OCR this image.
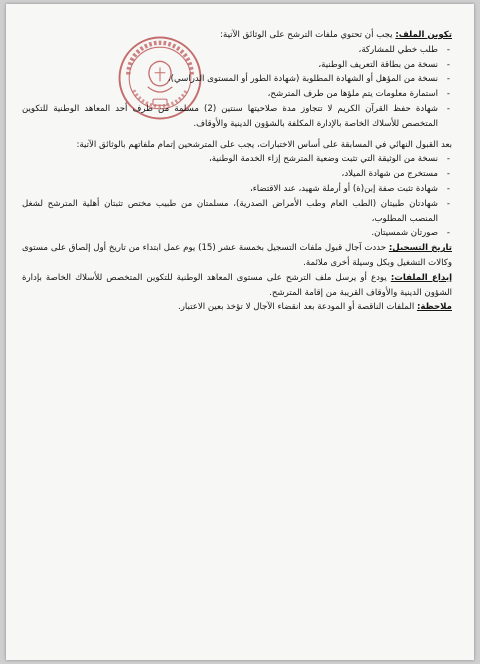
تكوين الملف: يجب أن تحتوي ملفات الترشح على الوثائق الآتية:

- طلب خطي للمشاركة،
- نسخة من بطاقة التعريف الوطنية،
- نسخة من المؤهل أو الشهادة المطلوبة (شهادة الطور أو المستوى الدراسي)،
- استمارة معلومات يتم ملؤها من طرف المترشح،
- شهادة حفظ القرآن الكريم لا تتجاوز مدة صلاحيتها سنتين (2) مسلمة من طرف أحد المعاهد الوطنية للتكوين المتخصص للأسلاك الخاصة بالإدارة المكلفة بالشؤون الدينية والأوقاف.

بعد القبول النهائي في المسابقة على أساس الاختبارات، يجب على المترشحين إتمام ملفاتهم بالوثائق الآتية:

- نسخة من الوثيقة التي تثبت وضعية المترشح إزاء الخدمة الوطنية،
- مستخرج من شهادة الميلاد،
- شهادة تثبت صفة إبن(ة) أو أرملة شهيد، عند الاقتضاء،
- شهادتان طبيتان (الطب العام وطب الأمراض الصدرية)، مسلمتان من طبيب مختص تثبتان أهلية المترشح لشغل المنصب المطلوب،
- صورتان شمسيتان.

تاريخ التسجيل: حددت آجال قبول ملفات التسجيل بخمسة عشر (15) يوم عمل ابتداء من تاريخ أول إلصاق على مستوى وكالات التشغيل وبكل وسيلة أخرى ملائمة.

إيداع الملفات: يودع أو يرسل ملف الترشح على مستوى المعاهد الوطنية للتكوين المتخصص للأسلاك الخاصة بإدارة الشؤون الدينية والأوقاف القريبة من إقامة المترشح.

ملاحظة: الملفات الناقصة أو المودعة بعد انقضاء الآجال لا تؤخذ بعين الاعتبار.
